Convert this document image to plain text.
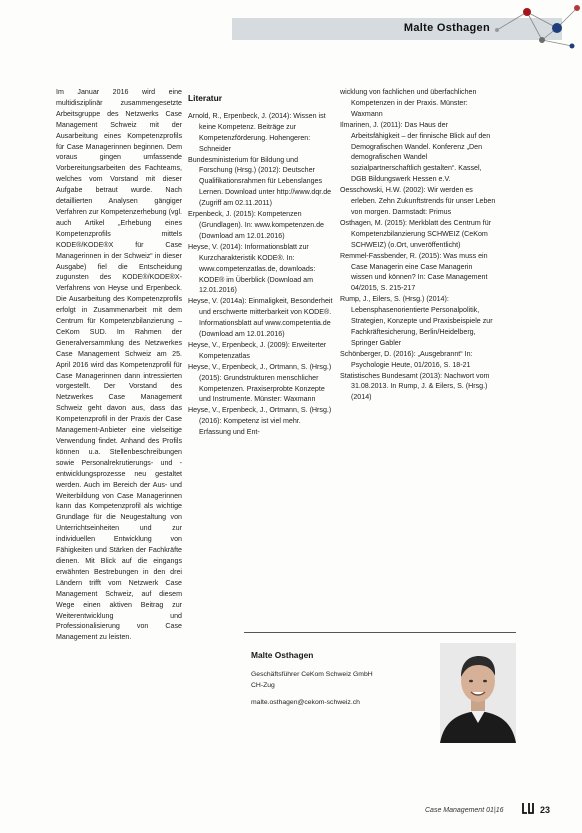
Malte Osthagen

Im Januar 2016 wird eine multidisziplinär zusammengesetzte Arbeitsgruppe des Netzwerks Case Management Schweiz mit der Ausarbeitung eines Kompetenzprofils für Case Managerinnen beginnen. Dem voraus gingen umfassende Vorbereitungsarbeiten des Fachteams, welches vom Vorstand mit dieser Aufgabe betraut wurde. Nach detaillierten Analysen gängiger Verfahren zur Kompetenzerhebung (vgl. auch Artikel „Erhebung eines Kompetenzprofils mittels KODE®/KODE®X für Case Managerinnen in der Schweiz“ in dieser Ausgabe) fiel die Entscheidung zugunsten des KODE®/KODE®X-Verfahrens von Heyse und Erpenbeck. Die Ausarbeitung des Kompetenzprofils erfolgt in Zusammenarbeit mit dem Centrum für Kompetenzbilanzierung – CeKom SUD. Im Rahmen der Generalversammlung des Netzwerkes Case Management Schweiz am 25. April 2016 wird das Kompetenzprofil für Case Managerinnen dann intressierten vorgestellt. Der Vorstand des Netzwerkes Case Management Schweiz geht davon aus, dass das Kompetenzprofil in der Praxis der Case Management-Anbieter eine vielseitige Verwendung findet. Anhand des Profils können u.a. Stellenbeschreibungen sowie Personalrekrutierungs- und -entwicklungsprozesse neu gestaltet werden. Auch im Bereich der Aus- und Weiterbildung von Case Managerinnen kann das Kompetenzprofil als wichtige Grundlage für die Neugestaltung von Unterrichtseinheiten und zur individuellen Entwicklung von Fähigkeiten und Stärken der Fachkräfte dienen. Mit Blick auf die eingangs erwähnten Bestrebungen in den drei Ländern trifft vom Netzwerk Case Management Schweiz, auf diesem Wege einen aktiven Beitrag zur Weiterentwicklung und Professionalisierung von Case Management zu leisten.

Literatur

Arnold, R., Erpenbeck, J. (2014): Wissen ist keine Kompetenz. Beiträge zur Kompetenzförderung. Hohengeren: Schneider

Bundesministerium für Bildung und Forschung (Hrsg.) (2012): Deutscher Qualifikationsrahmen für Lebenslanges Lernen. Download unter http://www.dqr.de (Zugriff am 02.11.2011)

Erpenbeck, J. (2015): Kompetenzen (Grundlagen). In: www.kompetenzen.de (Download am 12.01.2016)

Heyse, V. (2014): Informationsblatt zur Kurzcharakteristik KODE®. In: www.competenzatlas.de, downloads: KODE® im Überblick (Download am 12.01.2016)

Heyse, V. (2014a): Einmaligkeit, Besonderheit und erschwerte mitterbarkeit von KODE®. Informationsblatt auf www.competentia.de (Download am 12.01.2016)

Heyse, V., Erpenbeck, J. (2009): Erweiterter Kompetenzatlas

Heyse, V., Erpenbeck, J., Ortmann, S. (Hrsg.) (2015): Grundstrukturen menschlicher Kompetenzen. Praxiserprobte Konzepte und Instrumente. Münster: Waxmann

Heyse, V., Erpenbeck, J., Ortmann, S. (Hrsg.) (2016): Kompetenz ist viel mehr. Erfassung und Ent-

wicklung von fachlichen und überfachlichen Kompetenzen in der Praxis. Münster: Waxmann

Ilmarinen, J. (2011): Das Haus der Arbeitsfähigkeit – der finnische Blick auf den Demografischen Wandel. Konferenz „Den demografischen Wandel sozialpartnerschaftlich gestalten“. Kassel, DGB Bildungswerk Hessen e.V.

Oesschowski, H.W. (2002): Wir werden es erleben. Zehn Zukunftstrends für unser Leben von morgen. Darmstadt: Primus

Osthagen, M. (2015): Merkblatt des Centrum für Kompetenzbilanzierung SCHWEIZ (CeKom SCHWEIZ) (o.Ort, unveröffentlicht)

Remmel-Fassbender, R. (2015): Was muss ein Case Managerin eine Case Managerin wissen und können? In: Case Management 04/2015, S. 215-217

Rump, J., Eilers, S. (Hrsg.) (2014): Lebensphasenorientierte Personalpolitik, Strategien, Konzepte und Praxisbeispiele zur Fachkräftesicherung, Berlin/Heidelberg, Springer Gabler

Schönberger, D. (2016): „Ausgebrannt“ In: Psychologie Heute, 01/2016, S. 18-21

Statistisches Bundesamt (2013): Nachwort vom 31.08.2013. In Rump, J. & Eilers, S. (Hrsg.) (2014)

Malte Osthagen
Geschäftsführer CeKom Schweiz GmbH
CH-Zug
malte.osthagen@cekom-schweiz.ch
Case Management 01|16	23
